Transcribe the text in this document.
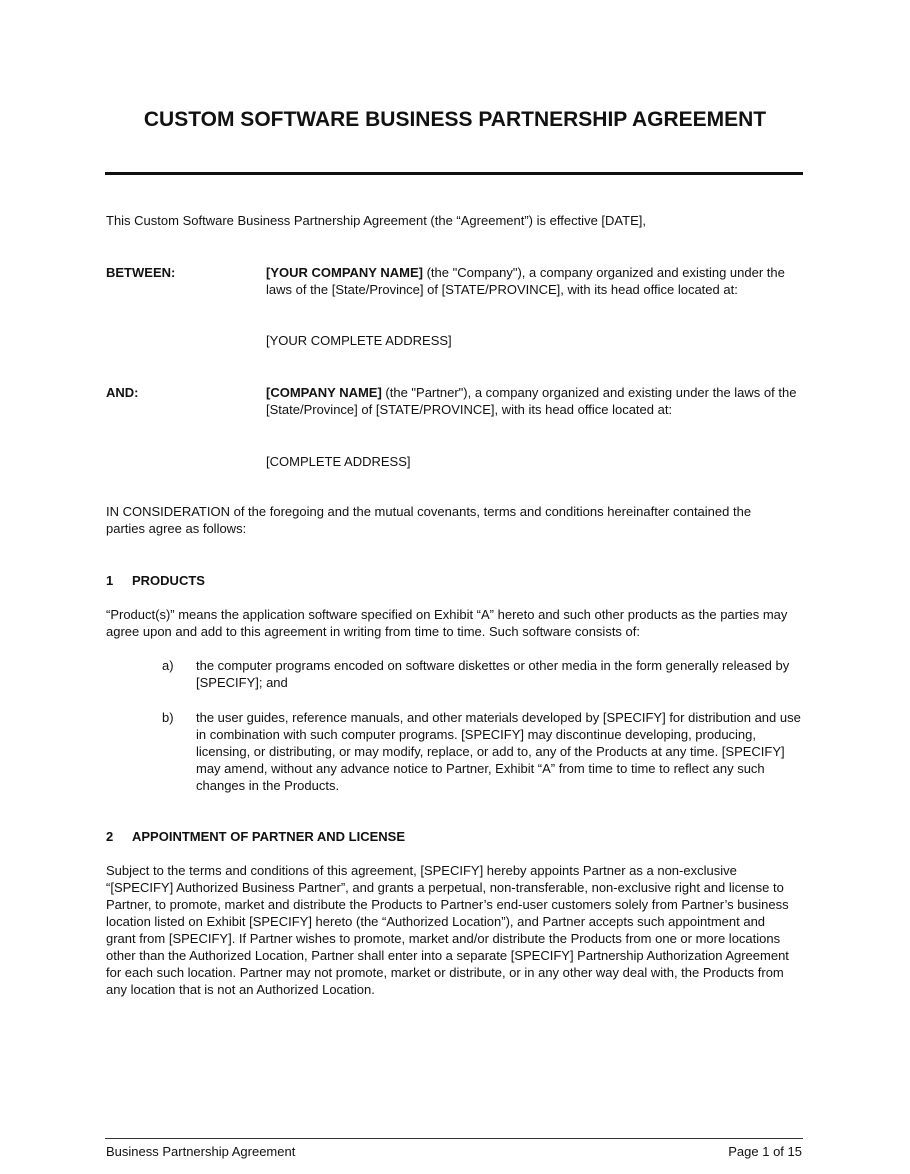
CUSTOM SOFTWARE BUSINESS PARTNERSHIP AGREEMENT

This Custom Software Business Partnership Agreement (the “Agreement”) is effective [DATE],

BETWEEN:	[YOUR COMPANY NAME] (the "Company"), a company organized and existing under the laws of the [State/Province] of [STATE/PROVINCE], with its head office located at:

[YOUR COMPLETE ADDRESS]

AND:	[COMPANY NAME] (the "Partner"), a company organized and existing under the laws of the [State/Province] of [STATE/PROVINCE], with its head office located at:

[COMPLETE ADDRESS]

IN CONSIDERATION of the foregoing and the mutual covenants, terms and conditions hereinafter contained the parties agree as follows:

1 PRODUCTS

“Product(s)” means the application software specified on Exhibit “A” hereto and such other products as the parties may agree upon and add to this agreement in writing from time to time. Such software consists of:

a) the computer programs encoded on software diskettes or other media in the form generally released by [SPECIFY]; and

b) the user guides, reference manuals, and other materials developed by [SPECIFY] for distribution and use in combination with such computer programs. [SPECIFY] may discontinue developing, producing, licensing, or distributing, or may modify, replace, or add to, any of the Products at any time. [SPECIFY] may amend, without any advance notice to Partner, Exhibit “A” from time to time to reflect any such changes in the Products.

2 APPOINTMENT OF PARTNER AND LICENSE

Subject to the terms and conditions of this agreement, [SPECIFY] hereby appoints Partner as a non-exclusive “[SPECIFY] Authorized Business Partner”, and grants a perpetual, non-transferable, non-exclusive right and license to Partner, to promote, market and distribute the Products to Partner’s end-user customers solely from Partner’s business location listed on Exhibit [SPECIFY] hereto (the “Authorized Location”), and Partner accepts such appointment and grant from [SPECIFY]. If Partner wishes to promote, market and/or distribute the Products from one or more locations other than the Authorized Location, Partner shall enter into a separate [SPECIFY] Partnership Authorization Agreement for each such location. Partner may not promote, market or distribute, or in any other way deal with, the Products from any location that is not an Authorized Location.

Business Partnership Agreement	Page 1 of 15
